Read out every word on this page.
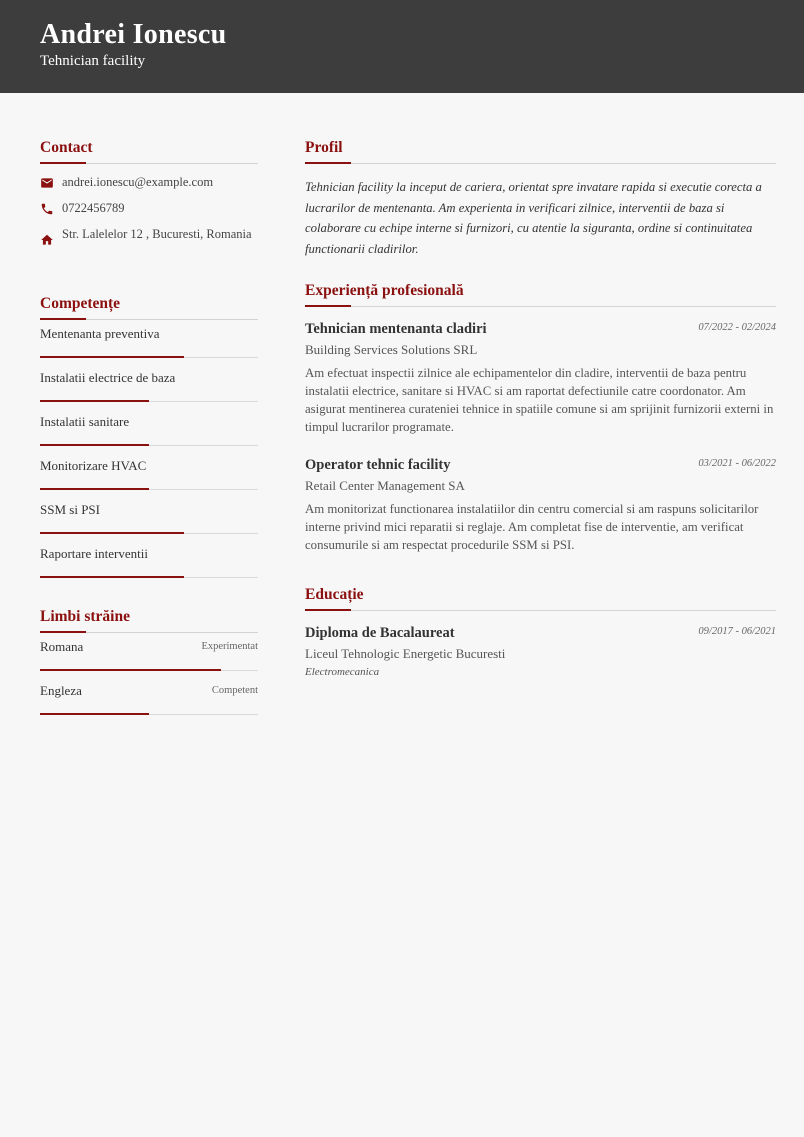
Andrei Ionescu
Tehnician facility
Contact
andrei.ionescu@example.com
0722456789
Str. Lalelelor 12 , Bucuresti, Romania
Competențe
Mentenanta preventiva
Instalatii electrice de baza
Instalatii sanitare
Monitorizare HVAC
SSM si PSI
Raportare interventii
Limbi străine
Romana	Experimentat
Engleza	Competent
Profil
Tehnician facility la inceput de cariera, orientat spre invatare rapida si executie corecta a lucrarilor de mentenanta. Am experienta in verificari zilnice, interventii de baza si colaborare cu echipe interne si furnizori, cu atentie la siguranta, ordine si continuitatea functionarii cladirilor.
Experiență profesională
Tehnician mentenanta cladiri	07/2022 - 02/2024
Building Services Solutions SRL
Am efectuat inspectii zilnice ale echipamentelor din cladire, interventii de baza pentru instalatii electrice, sanitare si HVAC si am raportat defectiunile catre coordonator. Am asigurat mentinerea curateniei tehnice in spatiile comune si am sprijinit furnizorii externi in timpul lucrarilor programate.
Operator tehnic facility	03/2021 - 06/2022
Retail Center Management SA
Am monitorizat functionarea instalatiilor din centru comercial si am raspuns solicitarilor interne privind mici reparatii si reglaje. Am completat fise de interventie, am verificat consumurile si am respectat procedurile SSM si PSI.
Educație
Diploma de Bacalaureat	09/2017 - 06/2021
Liceul Tehnologic Energetic Bucuresti
Electromecanica
